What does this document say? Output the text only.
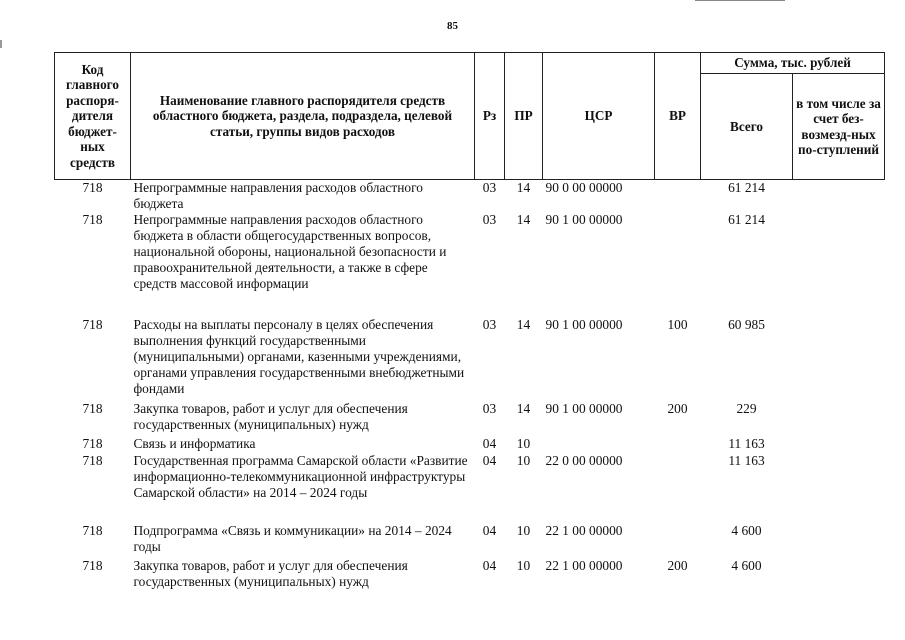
85
Код главного распоря-дителя бюджет-ных средств	Наименование главного распорядителя средств областного бюджета, раздела, подраздела, целевой статьи, группы видов расходов	Рз	ПР	ЦСР	ВР	Сумма, тыс. рублей	
						Всего	в том числе за счет без-возмезд-ных по-ступлений
718	Непрограммные направления расходов областного бюджета	03	14	90 0 00 00000		61 214	
718	Непрограммные направления расходов областного бюджета в области общегосударственных вопросов, национальной обороны, национальной безопасности и правоохранительной деятельности, а также в сфере средств массовой информации	03	14	90 1 00 00000		61 214	
718	Расходы на выплаты персоналу в целях обеспечения выполнения функций государственными (муниципальными) органами, казенными учреждениями, органами управления государственными внебюджетными фондами	03	14	90 1 00 00000	100	60 985	
718	Закупка товаров, работ и услуг для обеспечения государственных (муниципальных) нужд	03	14	90 1 00 00000	200	229	
718	Связь и информатика	04	10			11 163	
718	Государственная программа Самарской области «Развитие информационно-телекоммуникационной инфраструктуры Самарской области» на 2014 – 2024 годы	04	10	22 0 00 00000		11 163	
718	Подпрограмма «Связь и коммуникации» на 2014 – 2024 годы	04	10	22 1 00 00000		4 600	
718	Закупка товаров, работ и услуг для обеспечения государственных (муниципальных) нужд	04	10	22 1 00 00000	200	4 600	
